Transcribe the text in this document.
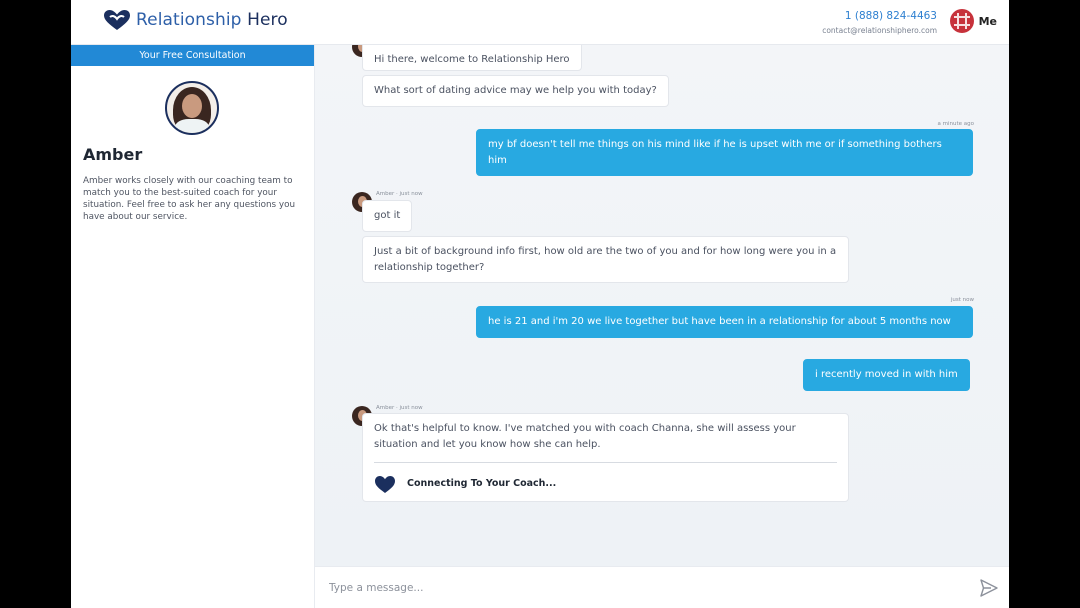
Relationship Hero	1 (888) 824-4463
contact@relationshiphero.com
Me
Your Free Consultation
Amber
Amber works closely with our coaching team to match you to the best-suited coach for your situation. Feel free to ask her any questions you have about our service.
Hi there, welcome to Relationship Hero
What sort of dating advice may we help you with today?
a minute ago
my bf doesn't tell me things on his mind like if he is upset with me or if something bothers him
Amber · just now
got it
Just a bit of background info first, how old are the two of you and for how long were you in a relationship together?
just now
he is 21 and i'm 20 we live together but have been in a relationship for about 5 months now
i recently moved in with him
Amber · just now
Ok that's helpful to know. I've matched you with coach Channa, she will assess your situation and let you know how she can help.
Connecting To Your Coach...
Type a message...
